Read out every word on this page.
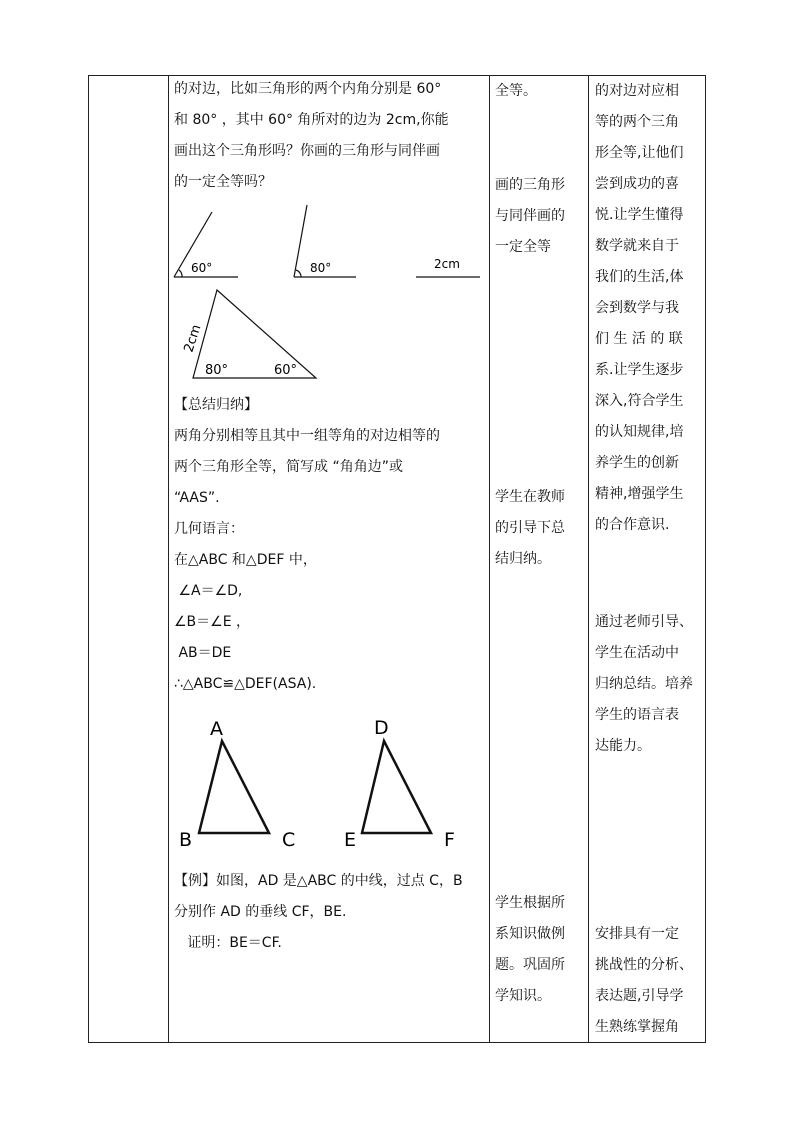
的对边，比如三角形的两个内角分别是 60°
和 80° ，其中 60° 角所对的边为 2cm,你能
画出这个三角形吗？你画的三角形与同伴画
的一定全等吗？
60°	80°	2cm
2cm
80°	60°
【总结归纳】
两角分别相等且其中一组等角的对边相等的
两个三角形全等，简写成 “角角边”或
“AAS”.
几何语言：
在△ABC 和△DEF 中，
∠A＝∠D,
∠B＝∠E ，
AB＝DE
∴△ABC≌△DEF(ASA).
A
B	C
D
E	F
【例】如图，AD 是△ABC 的中线，过点 C，B
分别作 AD 的垂线 CF，BE.
证明：BE＝CF.
全等。
画的三角形
与同伴画的
一定全等
学生在教师
的引导下总
结归纳。
学生根据所
系知识做例
题。巩固所
学知识。
的对边对应相
等的两个三角
形全等,让他们
尝到成功的喜
悦.让学生懂得
数学就来自于
我们的生活,体
会到数学与我
们 生 活 的 联
系.让学生逐步
深入,符合学生
的认知规律,培
养学生的创新
精神,增强学生
的合作意识.
通过老师引导、
学生在活动中
归纳总结。培养
学生的语言表
达能力。
安排具有一定
挑战性的分析、
表达题,引导学
生熟练掌握角
